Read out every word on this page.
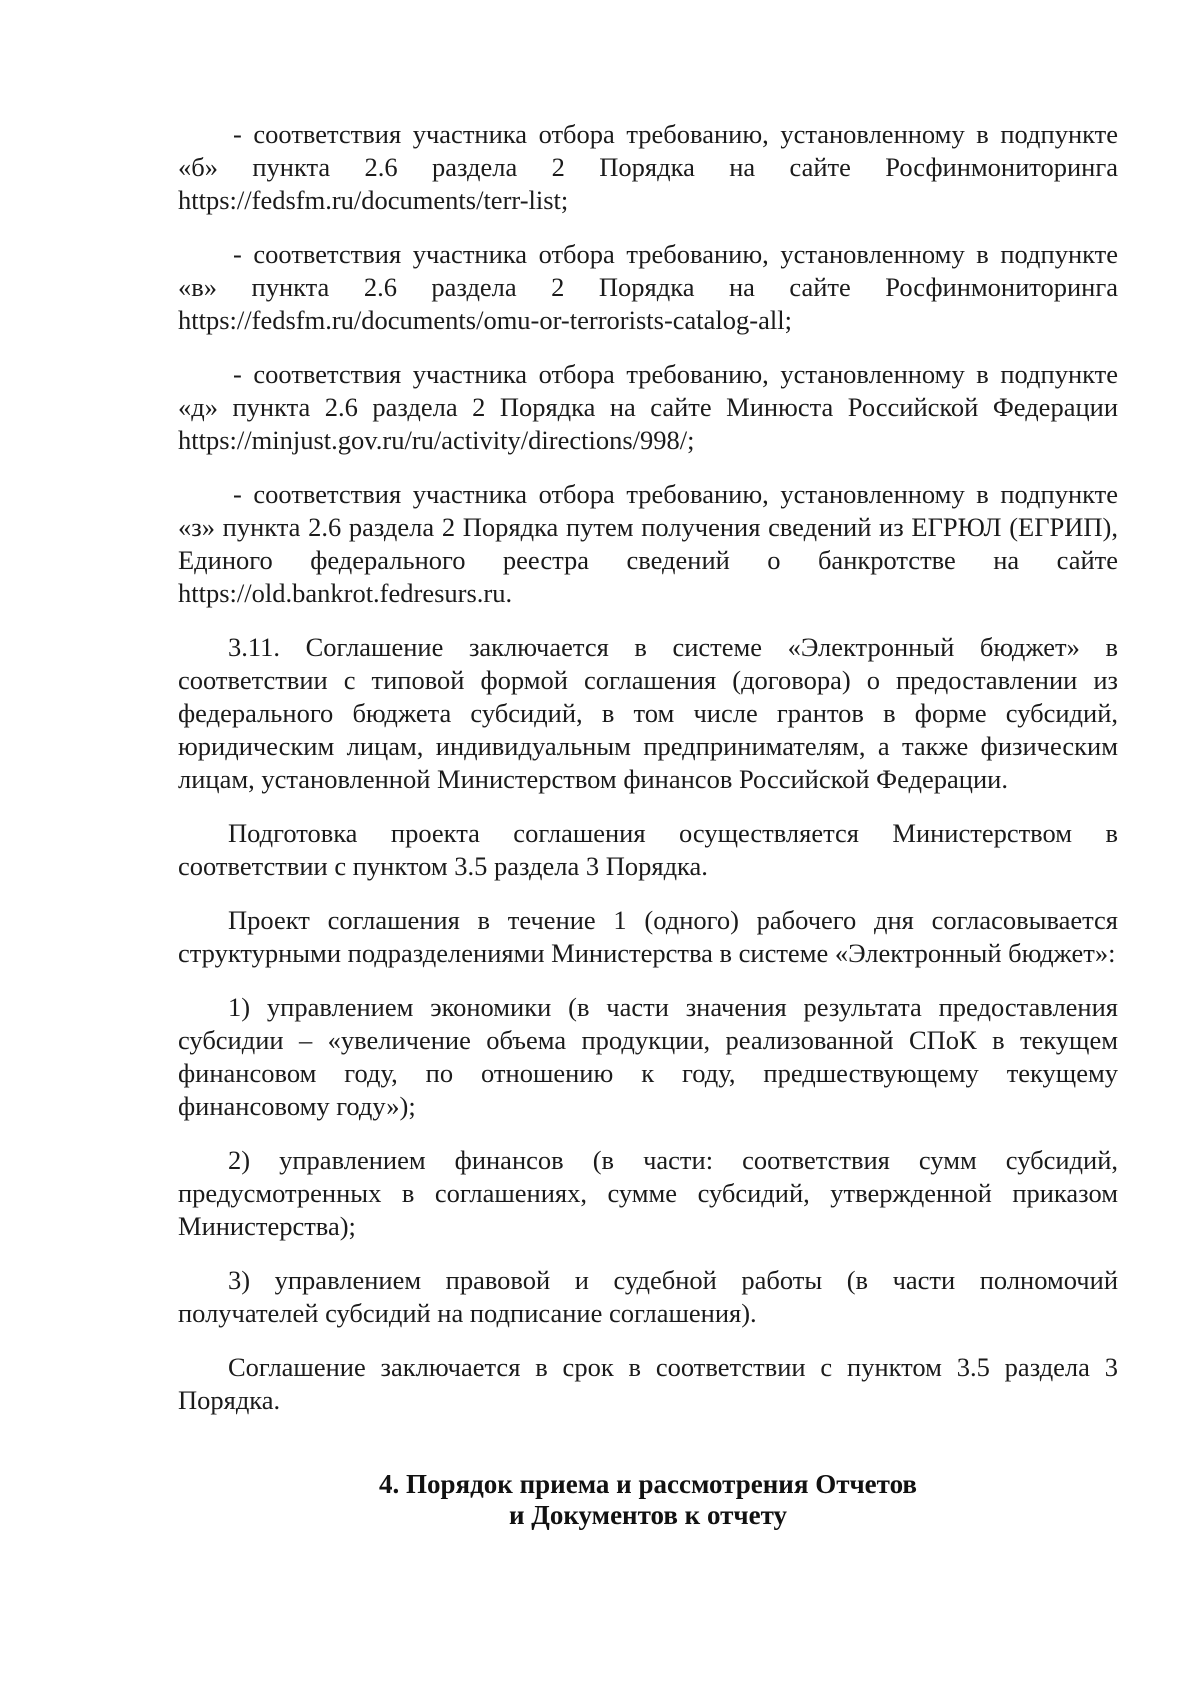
- соответствия участника отбора требованию, установленному в подпункте «б» пункта 2.6 раздела 2 Порядка на сайте Росфинмониторинга https://fedsfm.ru/documents/terr-list;

- соответствия участника отбора требованию, установленному в подпункте «в» пункта 2.6 раздела 2 Порядка на сайте Росфинмониторинга https://fedsfm.ru/documents/omu-or-terrorists-catalog-all;

- соответствия участника отбора требованию, установленному в подпункте «д» пункта 2.6 раздела 2 Порядка на сайте Минюста Российской Федерации https://minjust.gov.ru/ru/activity/directions/998/;

- соответствия участника отбора требованию, установленному в подпункте «з» пункта 2.6 раздела 2 Порядка путем получения сведений из ЕГРЮЛ (ЕГРИП), Единого федерального реестра сведений о банкротстве на сайте https://old.bankrot.fedresurs.ru.

3.11. Соглашение заключается в системе «Электронный бюджет» в соответствии с типовой формой соглашения (договора) о предоставлении из федерального бюджета субсидий, в том числе грантов в форме субсидий, юридическим лицам, индивидуальным предпринимателям, а также физическим лицам, установленной Министерством финансов Российской Федерации.

Подготовка проекта соглашения осуществляется Министерством в соответствии с пунктом 3.5 раздела 3 Порядка.

Проект соглашения в течение 1 (одного) рабочего дня согласовывается структурными подразделениями Министерства в системе «Электронный бюджет»:

1) управлением экономики (в части значения результата предоставления субсидии – «увеличение объема продукции, реализованной СПоК в текущем финансовом году, по отношению к году, предшествующему текущему финансовому году»);

2) управлением финансов (в части: соответствия сумм субсидий, предусмотренных в соглашениях, сумме субсидий, утвержденной приказом Министерства);

3) управлением правовой и судебной работы (в части полномочий получателей субсидий на подписание соглашения).

Соглашение заключается в срок в соответствии с пунктом 3.5 раздела 3 Порядка.

4. Порядок приема и рассмотрения Отчетов
и Документов к отчету
